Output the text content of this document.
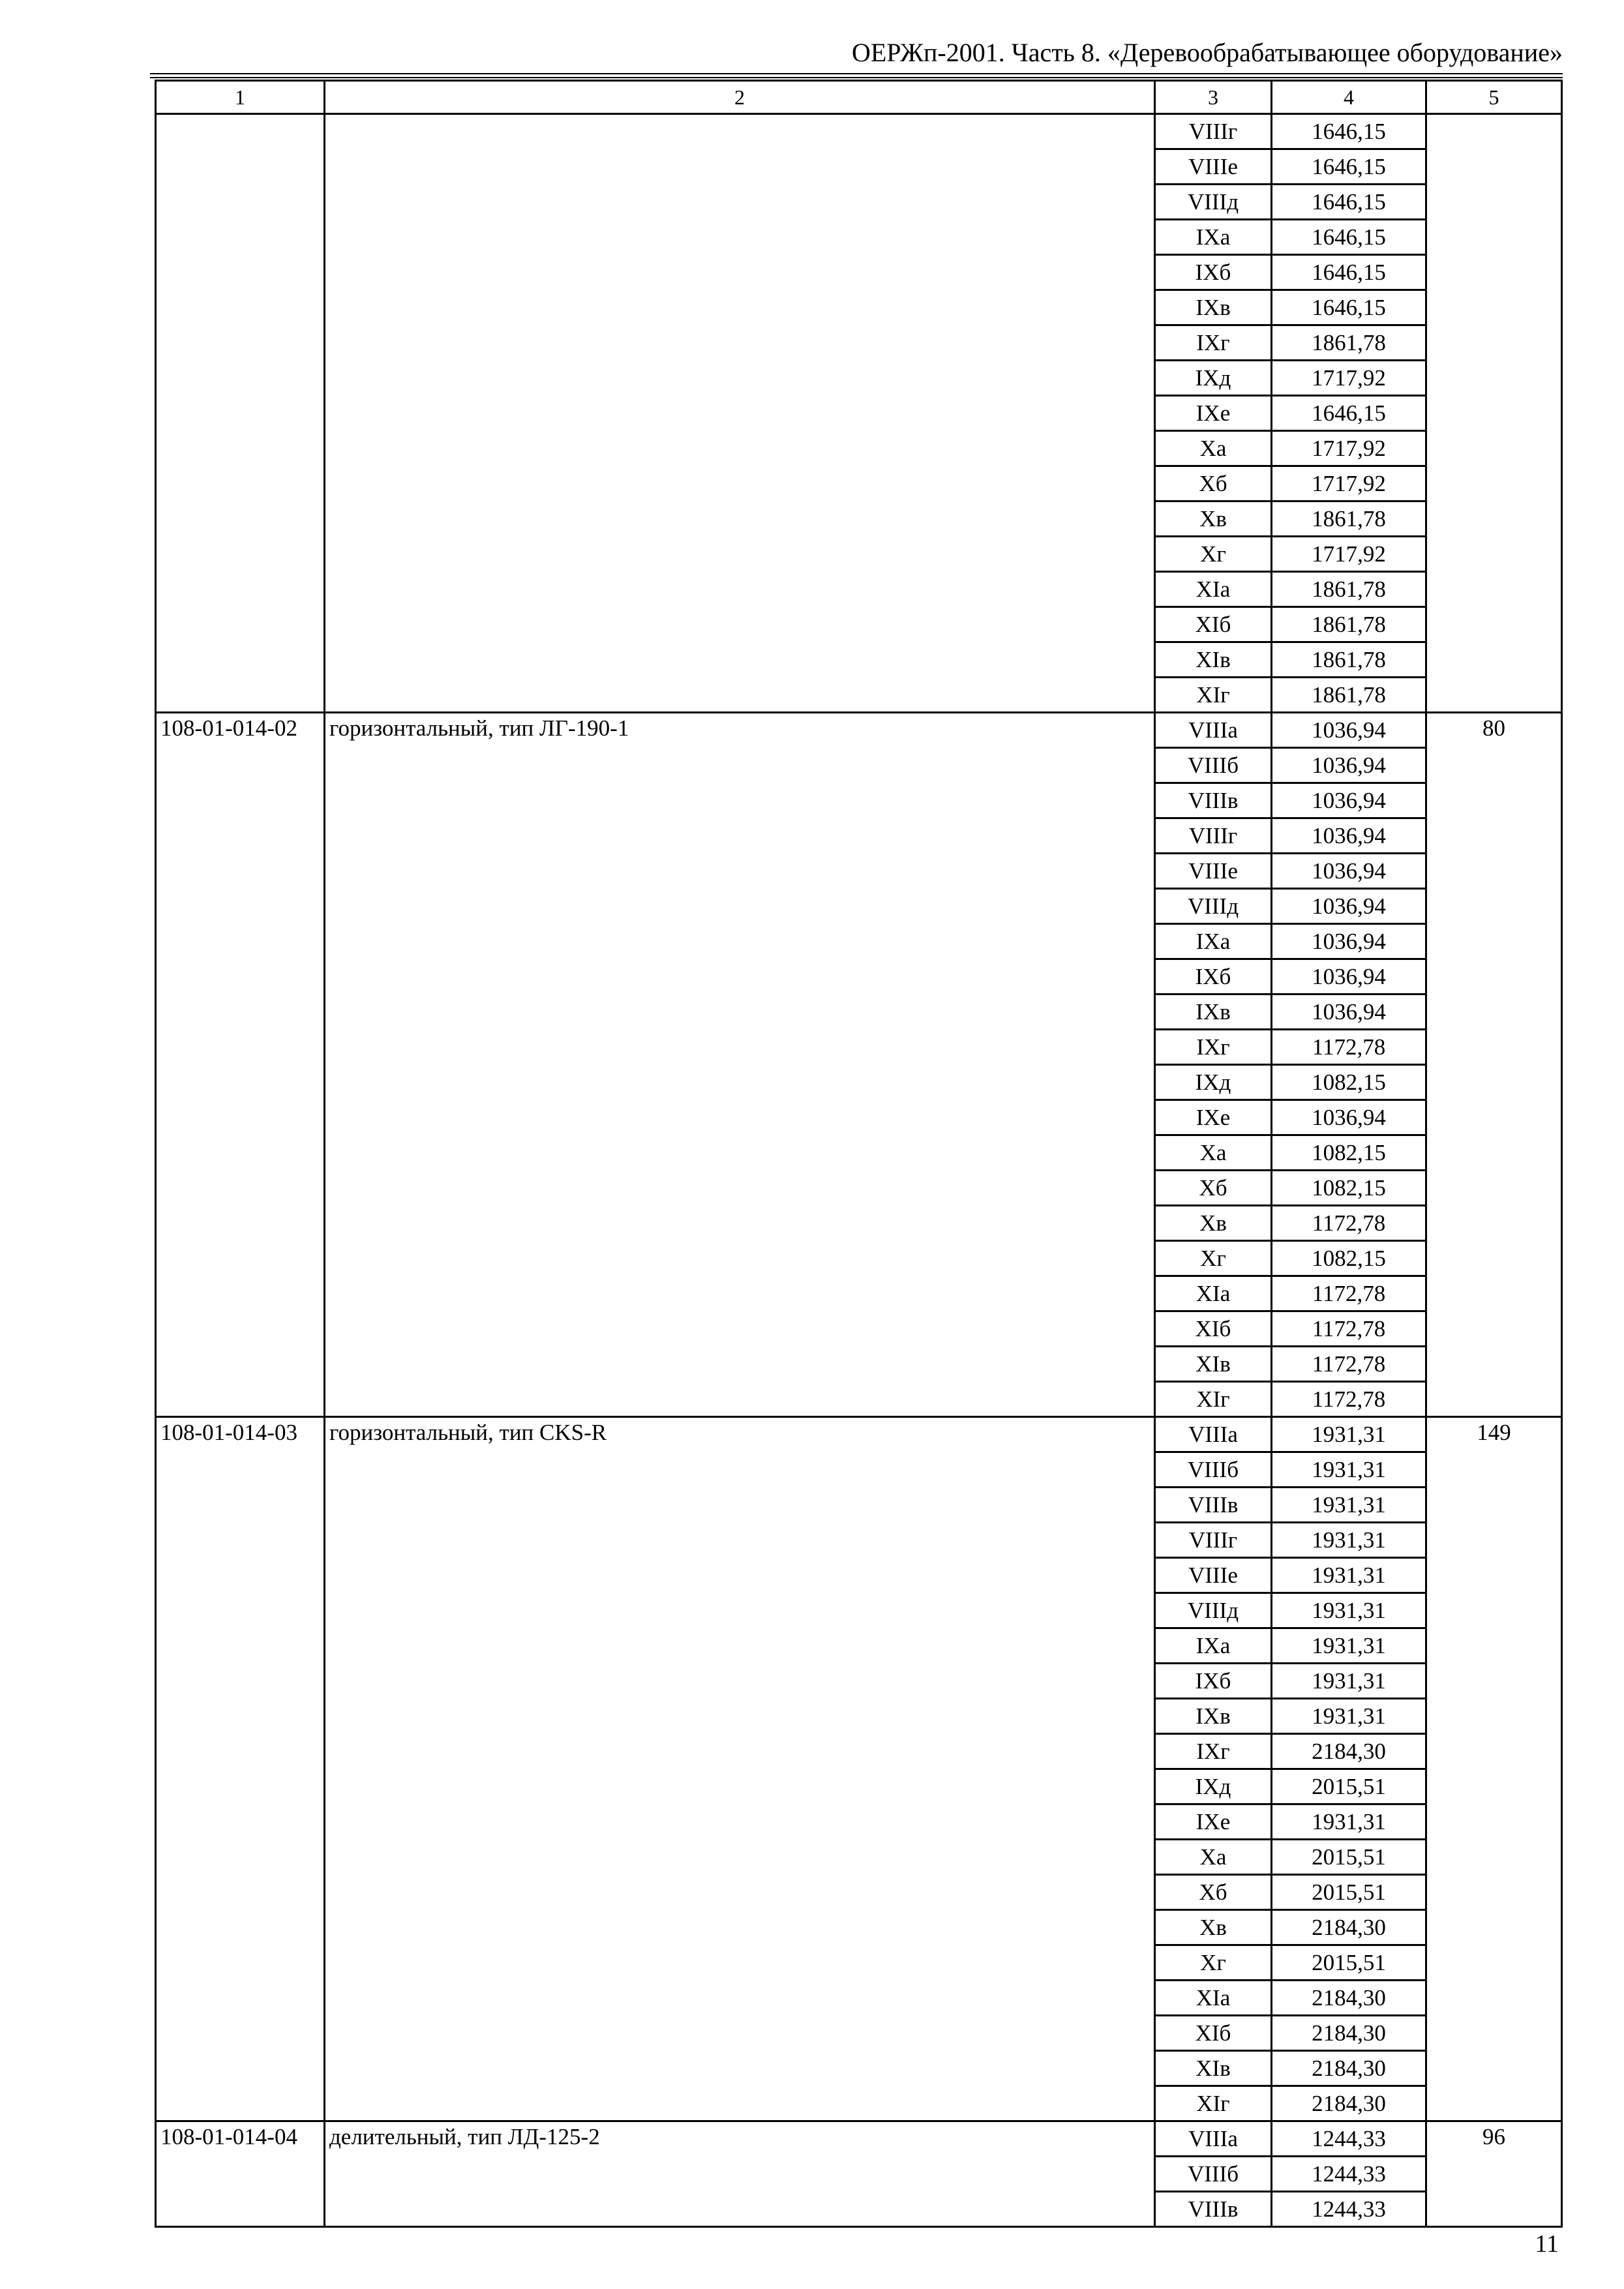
ОЕРЖп-2001. Часть 8. «Деревообрабатывающее оборудование»
1	2	3	4	5
		VIIIг	1646,15	
		VIIIe	1646,15	
		VIIIд	1646,15	
		IXa	1646,15	
		IXб	1646,15	
		IXв	1646,15	
		IXг	1861,78	
		IXд	1717,92	
		IXe	1646,15	
		Xa	1717,92	
		Xб	1717,92	
		Xв	1861,78	
		Xг	1717,92	
		XIa	1861,78	
		XIб	1861,78	
		XIв	1861,78	
		XIг	1861,78	
108-01-014-02	горизонтальный, тип ЛГ-190-1	VIIIa	1036,94	80
		VIIIб	1036,94	
		VIIIв	1036,94	
		VIIIг	1036,94	
		VIIIe	1036,94	
		VIIIд	1036,94	
		IXa	1036,94	
		IXб	1036,94	
		IXв	1036,94	
		IXг	1172,78	
		IXд	1082,15	
		IXe	1036,94	
		Xa	1082,15	
		Xб	1082,15	
		Xв	1172,78	
		Xг	1082,15	
		XIa	1172,78	
		XIб	1172,78	
		XIв	1172,78	
		XIг	1172,78	
108-01-014-03	горизонтальный, тип CKS-R	VIIIa	1931,31	149
		VIIIб	1931,31	
		VIIIв	1931,31	
		VIIIг	1931,31	
		VIIIe	1931,31	
		VIIIд	1931,31	
		IXa	1931,31	
		IXб	1931,31	
		IXв	1931,31	
		IXг	2184,30	
		IXд	2015,51	
		IXe	1931,31	
		Xa	2015,51	
		Xб	2015,51	
		Xв	2184,30	
		Xг	2015,51	
		XIa	2184,30	
		XIб	2184,30	
		XIв	2184,30	
		XIг	2184,30	
108-01-014-04	делительный, тип ЛД-125-2	VIIIa	1244,33	96
		VIIIб	1244,33	
		VIIIв	1244,33	
11
